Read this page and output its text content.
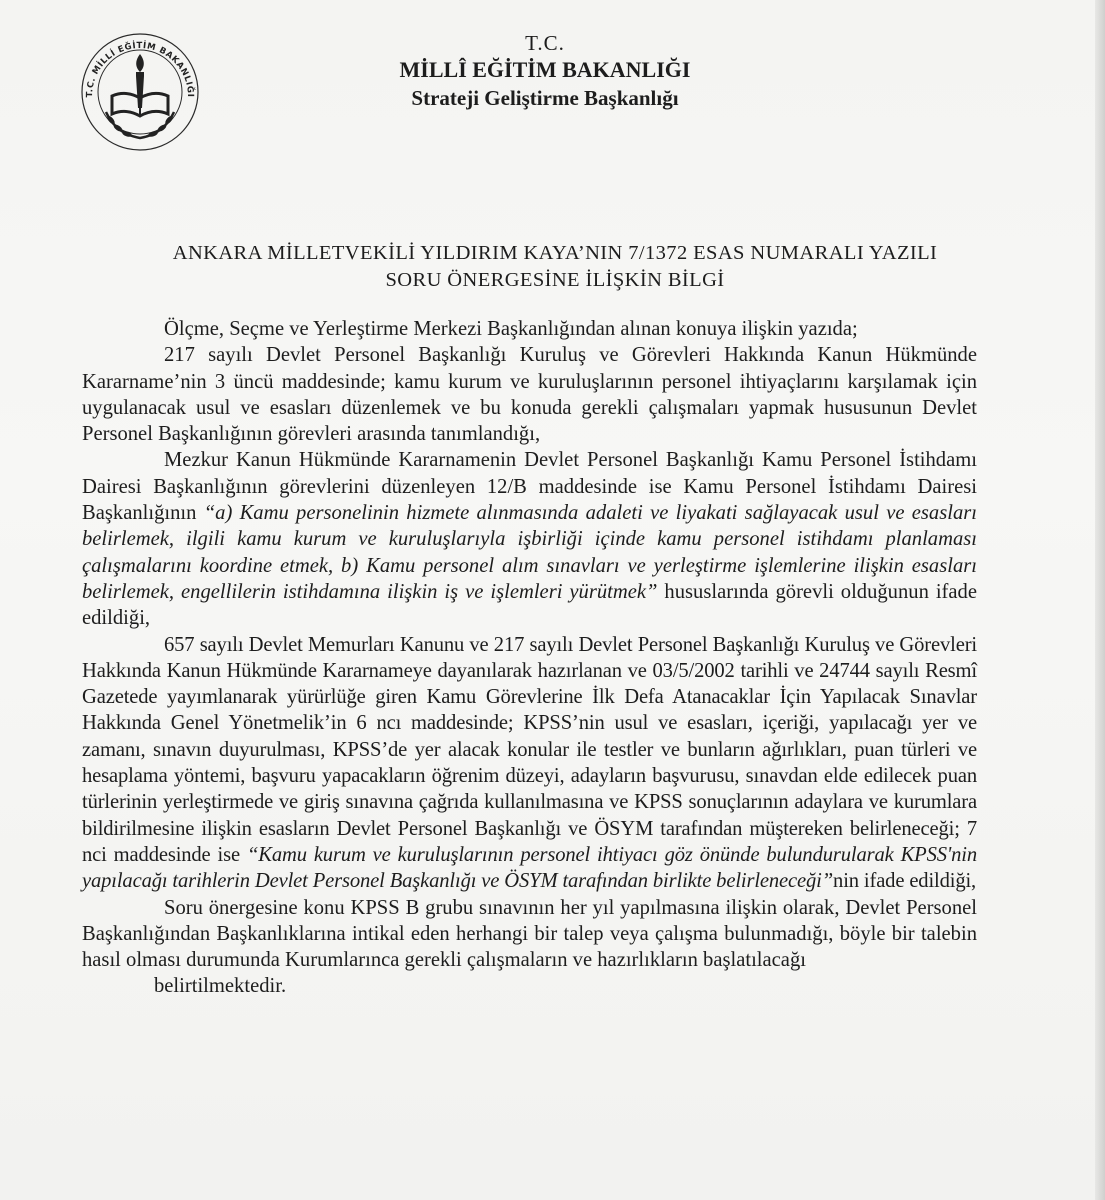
T.C. MİLLİ EĞİTİM BAKANLIĞI
T.C.
MİLLÎ EĞİTİM BAKANLIĞI
Strateji Geliştirme Başkanlığı
ANKARA MİLLETVEKİLİ YILDIRIM KAYA’NIN 7/1372 ESAS NUMARALI YAZILI
SORU ÖNERGESİNE İLİŞKİN BİLGİ

Ölçme, Seçme ve Yerleştirme Merkezi Başkanlığından alınan konuya ilişkin yazıda;

217 sayılı Devlet Personel Başkanlığı Kuruluş ve Görevleri Hakkında Kanun Hükmünde Kararname’nin 3 üncü maddesinde; kamu kurum ve kuruluşlarının personel ihtiyaçlarını karşılamak için uygulanacak usul ve esasları düzenlemek ve bu konuda gerekli çalışmaları yapmak hususunun Devlet Personel Başkanlığının görevleri arasında tanımlandığı,

Mezkur Kanun Hükmünde Kararnamenin Devlet Personel Başkanlığı Kamu Personel İstihdamı Dairesi Başkanlığının görevlerini düzenleyen 12/B maddesinde ise Kamu Personel İstihdamı Dairesi Başkanlığının “a) Kamu personelinin hizmete alınmasında adaleti ve liyakati sağlayacak usul ve esasları belirlemek, ilgili kamu kurum ve kuruluşlarıyla işbirliği içinde kamu personel istihdamı planlaması çalışmalarını koordine etmek, b) Kamu personel alım sınavları ve yerleştirme işlemlerine ilişkin esasları belirlemek, engellilerin istihdamına ilişkin iş ve işlemleri yürütmek” hususlarında görevli olduğunun ifade edildiği,

657 sayılı Devlet Memurları Kanunu ve 217 sayılı Devlet Personel Başkanlığı Kuruluş ve Görevleri Hakkında Kanun Hükmünde Kararnameye dayanılarak hazırlanan ve 03/5/2002 tarihli ve 24744 sayılı Resmî Gazetede yayımlanarak yürürlüğe giren Kamu Görevlerine İlk Defa Atanacaklar İçin Yapılacak Sınavlar Hakkında Genel Yönetmelik’in 6 ncı maddesinde; KPSS’nin usul ve esasları, içeriği, yapılacağı yer ve zamanı, sınavın duyurulması, KPSS’de yer alacak konular ile testler ve bunların ağırlıkları, puan türleri ve hesaplama yöntemi, başvuru yapacakların öğrenim düzeyi, adayların başvurusu, sınavdan elde edilecek puan türlerinin yerleştirmede ve giriş sınavına çağrıda kullanılmasına ve KPSS sonuçlarının adaylara ve kurumlara bildirilmesine ilişkin esasların Devlet Personel Başkanlığı ve ÖSYM tarafından müştereken belirleneceği; 7 nci maddesinde ise “Kamu kurum ve kuruluşlarının personel ihtiyacı göz önünde bulundurularak KPSS'nin yapılacağı tarihlerin Devlet Personel Başkanlığı ve ÖSYM tarafından birlikte belirleneceği”nin ifade edildiği,

Soru önergesine konu KPSS B grubu sınavının her yıl yapılmasına ilişkin olarak, Devlet Personel Başkanlığından Başkanlıklarına intikal eden herhangi bir talep veya çalışma bulunmadığı, böyle bir talebin hasıl olması durumunda Kurumlarınca gerekli çalışmaların ve hazırlıkların başlatılacağı

belirtilmektedir.
